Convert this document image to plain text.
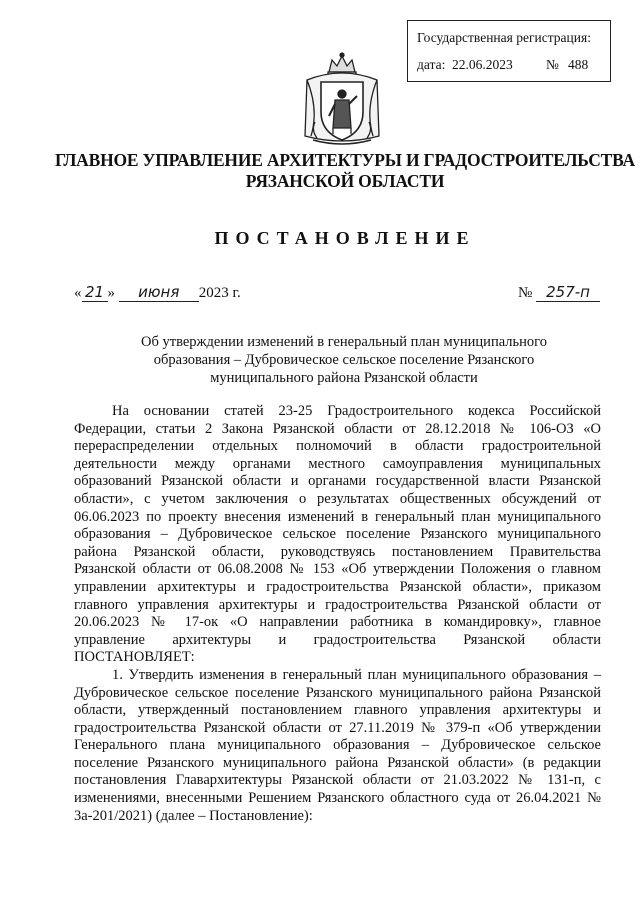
Государственная регистрация:
дата: 22.06.2023 № 488
ГЛАВНОЕ УПРАВЛЕНИЕ АРХИТЕКТУРЫ И ГРАДОСТРОИТЕЛЬСТВА
РЯЗАНСКОЙ ОБЛАСТИ
ПОСТАНОВЛЕНИЕ
« 21 » июня 2023 г.	№ 257-п
Об утверждении изменений в генеральный план муниципального
образования – Дубровическое сельское поселение Рязанского
муниципального района Рязанской области

На основании статей 23-25 Градостроительного кодекса Российской Федерации, статьи 2 Закона Рязанской области от 28.12.2018 № 106-ОЗ «О перераспределении отдельных полномочий в области градостроительной деятельности между органами местного самоуправления муниципальных образований Рязанской области и органами государственной власти Рязанской области», с учетом заключения о результатах общественных обсуждений от 06.06.2023 по проекту внесения изменений в генеральный план муниципального образования – Дубровическое сельское поселение Рязанского муниципального района Рязанской области, руководствуясь постановлением Правительства Рязанской области от 06.08.2008 № 153 «Об утверждении Положения о главном управлении архитектуры и градостроительства Рязанской области», приказом главного управления архитектуры и градостроительства Рязанской области от 20.06.2023 № 17-ок «О направлении работника в командировку», главное управление архитектуры и градостроительства Рязанской области ПОСТАНОВЛЯЕТ:

1. Утвердить изменения в генеральный план муниципального образования – Дубровическое сельское поселение Рязанского муниципального района Рязанской области, утвержденный постановлением главного управления архитектуры и градостроительства Рязанской области от 27.11.2019 № 379-п «Об утверждении Генерального плана муниципального образования – Дубровическое сельское поселение Рязанского муниципального района Рязанской области» (в редакции постановления Главархитектуры Рязанской области от 21.03.2022 № 131-п, с изменениями, внесенными Решением Рязанского областного суда от 26.04.2021 № 3а-201/2021) (далее – Постановление):
